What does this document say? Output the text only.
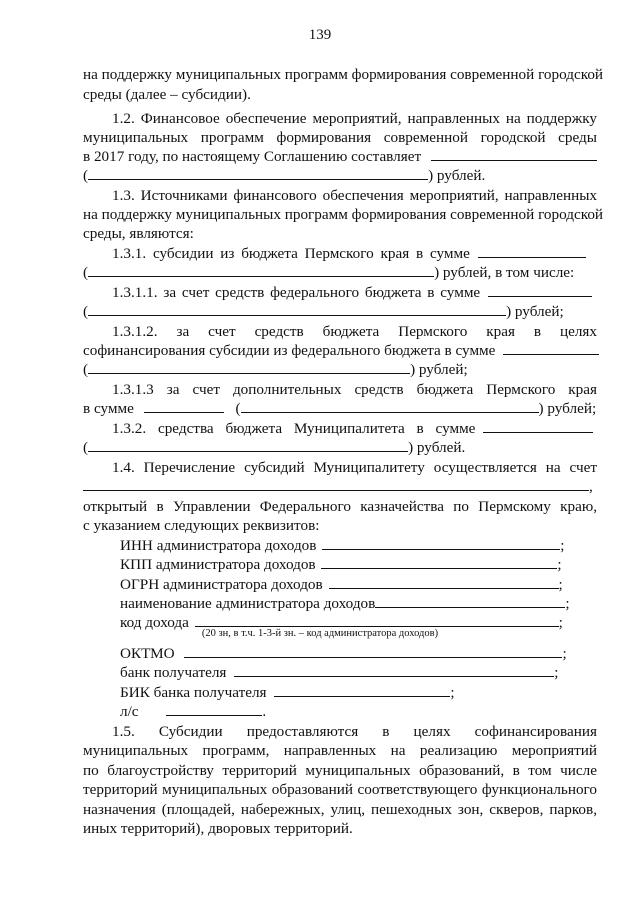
139
на поддержку муниципальных программ формирования современной городской
среды (далее – субсидии).
1.2. Финансовое обеспечение мероприятий, направленных на поддержку
муниципальных программ формирования современной городской среды
в 2017 году, по настоящему Соглашению составляет
(	) рублей.
1.3. Источниками финансового обеспечения мероприятий, направленных
на поддержку муниципальных программ формирования современной городской
среды, являются:
1.3.1. субсидии из бюджета Пермского края в сумме
(	) рублей, в том числе:
1.3.1.1. за счет средств федерального бюджета в сумме
(	) рублей;
1.3.1.2. за счет средств бюджета Пермского края в целях
софинансирования субсидии из федерального бюджета в сумме
(	) рублей;
1.3.1.3 за счет дополнительных средств бюджета Пермского края
в сумме	(	) рублей;
1.3.2. средства бюджета Муниципалитета в сумме
(	) рублей.
1.4. Перечисление субсидий Муниципалитету осуществляется на счет
,
открытый в Управлении Федерального казначейства по Пермскому краю,
с указанием следующих реквизитов:
ИНН администратора доходов	;
КПП администратора доходов	;
ОГРН администратора доходов	;
наименование администратора доходов	;
код дохода	;
(20 зн, в т.ч. 1-3-й зн. – код администратора доходов)
ОКТМО	;
банк получателя	;
БИК банка получателя	;
л/с	.
1.5. Субсидии предоставляются в целях софинансирования
муниципальных программ, направленных на реализацию мероприятий
по благоустройству территорий муниципальных образований, в том числе
территорий муниципальных образований соответствующего функционального
назначения (площадей, набережных, улиц, пешеходных зон, скверов, парков,
иных территорий), дворовых территорий.
